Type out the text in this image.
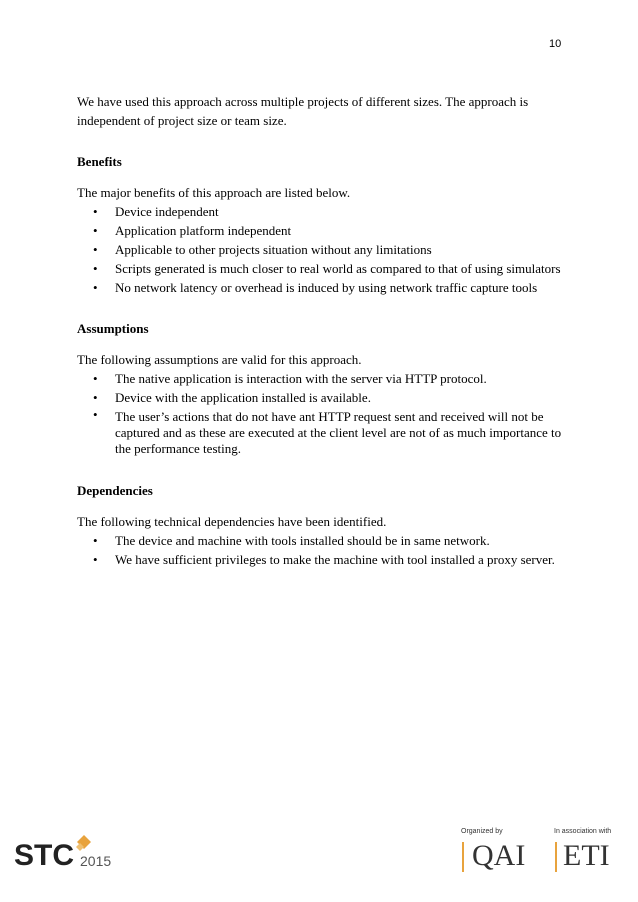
10

We have used this approach across multiple projects of different sizes. The approach is independent of project size or team size.

Benefits

The major benefits of this approach are listed below.

• Device independent
• Application platform independent
• Applicable to other projects situation without any limitations
• Scripts generated is much closer to real world as compared to that of using simulators
• No network latency or overhead is induced by using network traffic capture tools

Assumptions

The following assumptions are valid for this approach.

• The native application is interaction with the server via HTTP protocol.
• Device with the application installed is available.
• The user’s actions that do not have ant HTTP request sent and received will not be captured and as these are executed at the client level are not of as much importance to the performance testing.

Dependencies

The following technical dependencies have been identified.

• The device and machine with tools installed should be in same network.
• We have sufficient privileges to make the machine with tool installed a proxy server.
STC 2015
Organized by
QAI
In association with
ETI
